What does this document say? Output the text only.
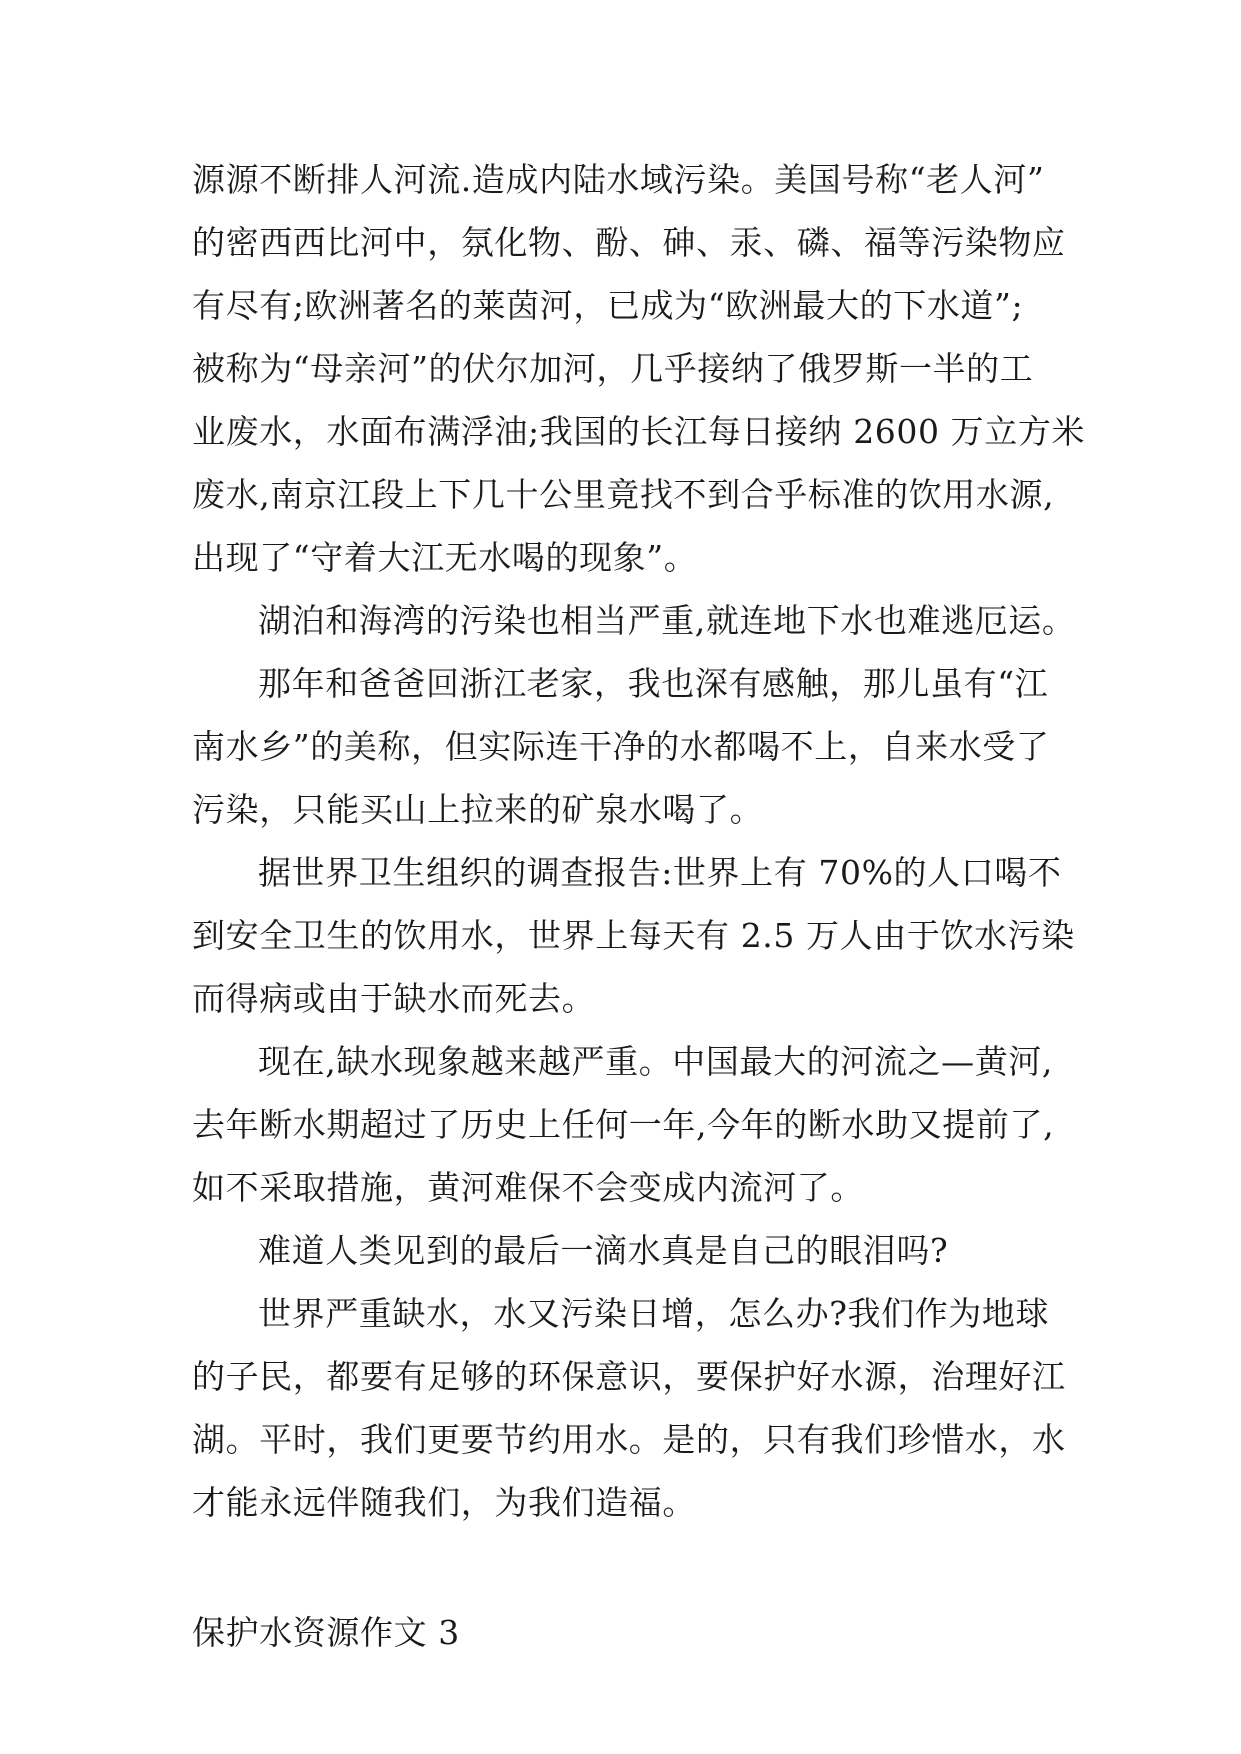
源源不断排人河流.造成内陆水域污染。美国号称“老人河”
的密西西比河中，氛化物、酚、砷、汞、磷、福等污染物应
有尽有;欧洲著名的莱茵河，已成为“欧洲最大的下水道”;
被称为“母亲河”的伏尔加河，几乎接纳了俄罗斯一半的工
业废水，水面布满浮油;我国的长江每日接纳 2600 万立方米
废水,南京江段上下几十公里竟找不到合乎标准的饮用水源,
出现了“守着大江无水喝的现象”。
湖泊和海湾的污染也相当严重,就连地下水也难逃厄运。
那年和爸爸回浙江老家，我也深有感触，那儿虽有“江
南水乡”的美称，但实际连干净的水都喝不上，自来水受了
污染，只能买山上拉来的矿泉水喝了。
据世界卫生组织的调查报告:世界上有 70%的人口喝不
到安全卫生的饮用水，世界上每天有 2.5 万人由于饮水污染
而得病或由于缺水而死去。
现在,缺水现象越来越严重。中国最大的河流之—黄河,
去年断水期超过了历史上任何一年,今年的断水助又提前了,
如不采取措施，黄河难保不会变成内流河了。
难道人类见到的最后一滴水真是自己的眼泪吗?
世界严重缺水，水又污染日增，怎么办?我们作为地球
的子民，都要有足够的环保意识，要保护好水源，治理好江
湖。平时，我们更要节约用水。是的，只有我们珍惜水，水
才能永远伴随我们，为我们造福。
保护水资源作文 3
